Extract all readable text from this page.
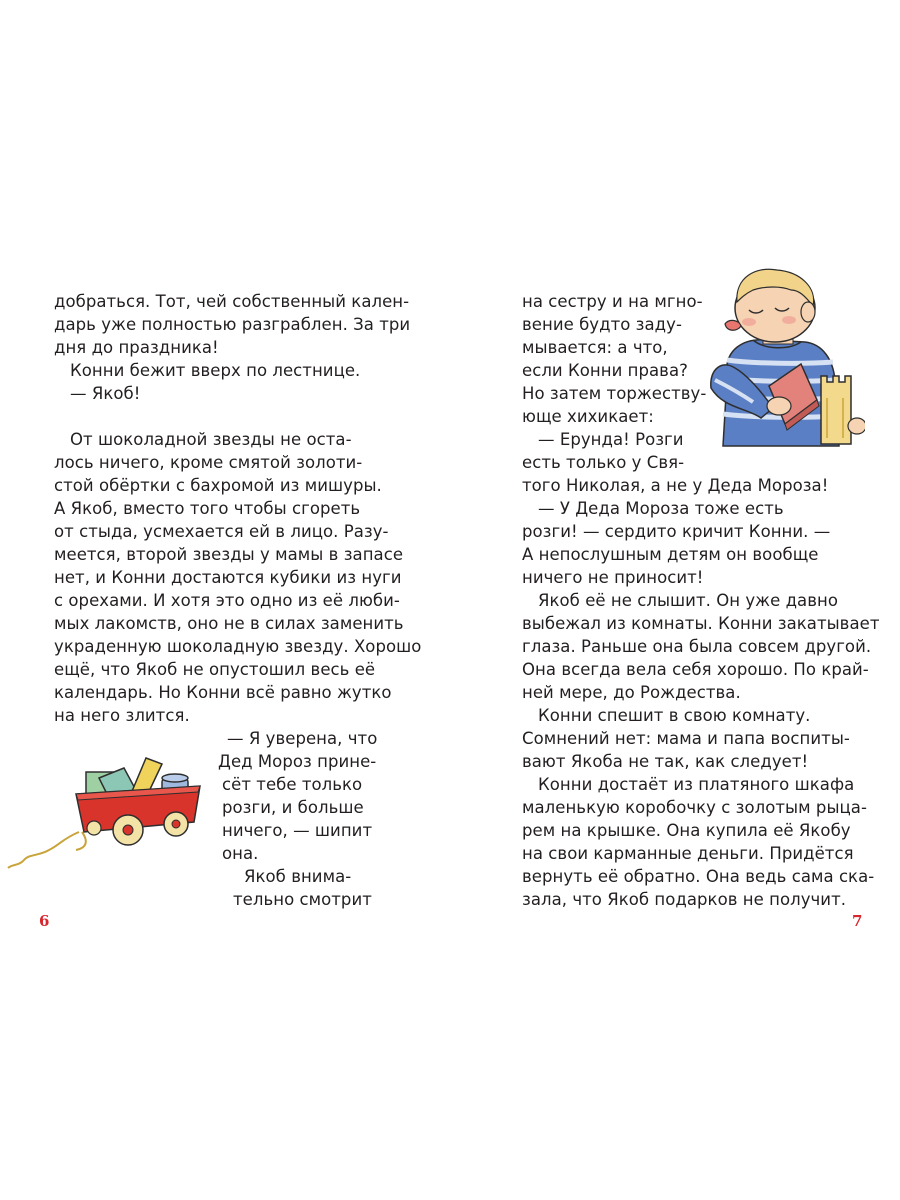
добраться. Тот, чей собственный кален-
дарь уже полностью разграблен. За три
дня до праздника!
Конни бежит вверх по лестнице.
— Якоб!
От шоколадной звезды не оста-
лось ничего, кроме смятой золоти-
стой обёртки с бахромой из мишуры.
А Якоб, вместо того чтобы сгореть
от стыда, усмехается ей в лицо. Разу-
меется, второй звезды у мамы в запасе
нет, и Конни достаются кубики из нуги
с орехами. И хотя это одно из её люби-
мых лакомств, оно не в силах заменить
украденную шоколадную звезду. Хорошо
ещё, что Якоб не опустошил весь её
календарь. Но Конни всё равно жутко
на него злится.
— Я уверена, что
Дед Мороз прине-
сёт тебе только
розги, и больше
ничего, — шипит
она.
Якоб внима-
тельно смотрит
6
на сестру и на мгно-
вение будто заду-
мывается: а что,
если Конни права?
Но затем торжеству-
юще хихикает:
— Ерунда! Розги
есть только у Свя-
того Николая, а не у Деда Мороза!
— У Деда Мороза тоже есть
розги! — сердито кричит Конни. —
А непослушным детям он вообще
ничего не приносит!
Якоб её не слышит. Он уже давно
выбежал из комнаты. Конни закатывает
глаза. Раньше она была совсем другой.
Она всегда вела себя хорошо. По край-
ней мере, до Рождества.
Конни спешит в свою комнату.
Сомнений нет: мама и папа воспиты-
вают Якоба не так, как следует!
Конни достаёт из платяного шкафа
маленькую коробочку с золотым рыца-
рем на крышке. Она купила её Якобу
на свои карманные деньги. Придётся
вернуть её обратно. Она ведь сама ска-
зала, что Якоб подарков не получит.
7
